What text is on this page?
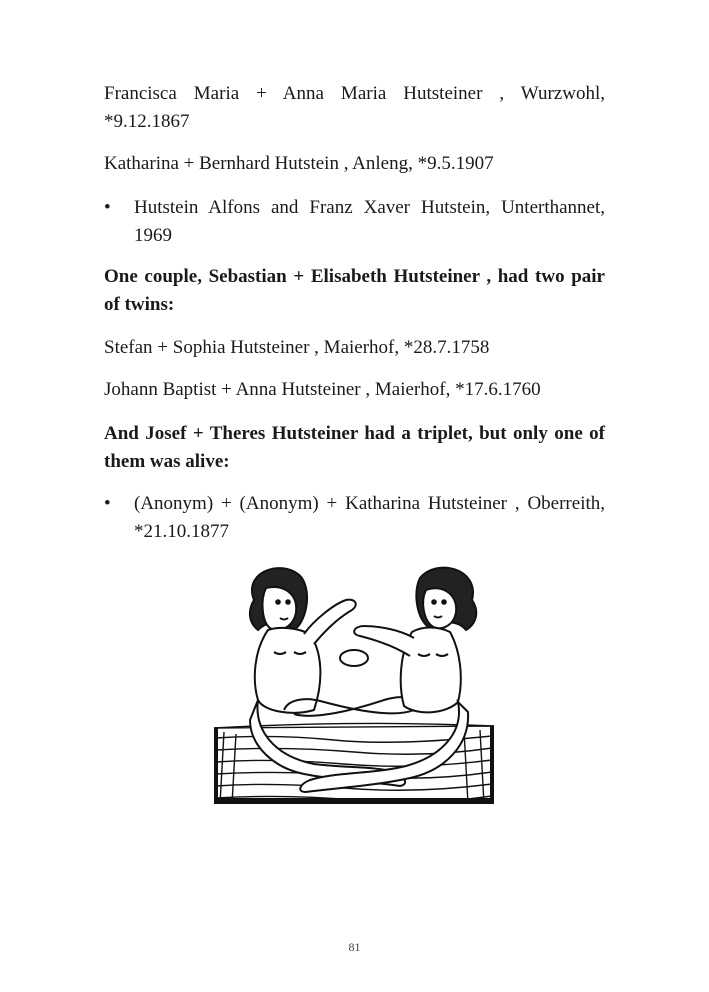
Francisca Maria + Anna Maria Hutsteiner , Wurzwohl, *9.12.1867

Katharina + Bernhard Hutstein , Anleng, *9.5.1907

•	Hutstein Alfons and Franz Xaver Hutstein, Unterthannet, 1969

One couple, Sebastian + Elisabeth Hutsteiner , had two pair of twins:

Stefan + Sophia Hutsteiner , Maierhof, *28.7.1758

Johann Baptist + Anna Hutsteiner , Maierhof, *17.6.1760

And Josef + Theres Hutsteiner had a triplet, but only one of them was alive:

•	(Anonym) + (Anonym) + Katharina Hutsteiner , Oberreith, *21.10.1877
81
